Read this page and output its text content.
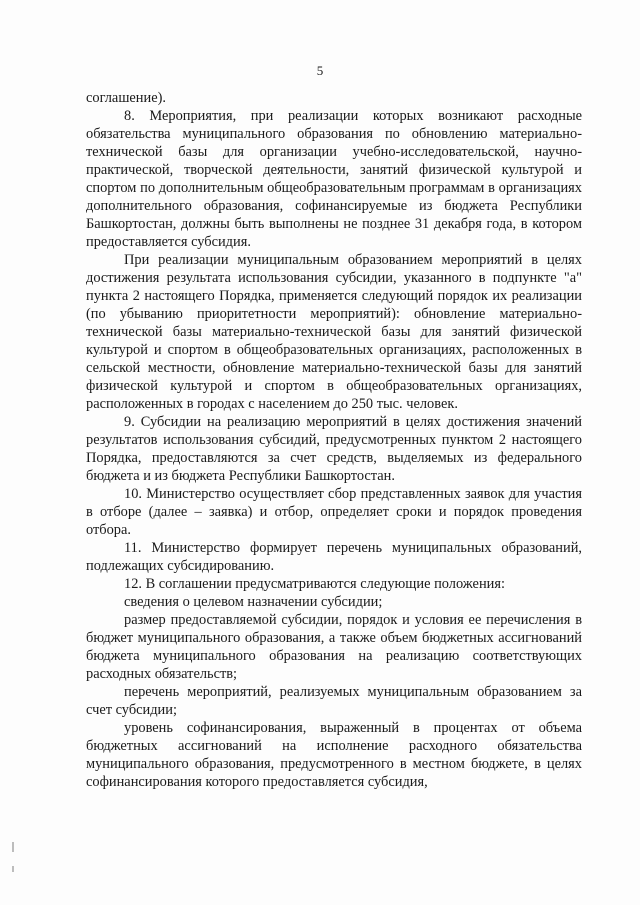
5

соглашение).

8. Мероприятия, при реализации которых возникают расходные обязательства муниципального образования по обновлению материально-технической базы для организации учебно-исследовательской, научно-практической, творческой деятельности, занятий физической культурой и спортом по дополнительным общеобразовательным программам в организациях дополнительного образования, софинансируемые из бюджета Республики Башкортостан, должны быть выполнены не позднее 31 декабря года, в котором предоставляется субсидия.

При реализации муниципальным образованием мероприятий в целях достижения результата использования субсидии, указанного в подпункте "а" пункта 2 настоящего Порядка, применяется следующий порядок их реализации (по убыванию приоритетности мероприятий): обновление материально-технической базы материально-технической базы для занятий физической культурой и спортом в общеобразовательных организациях, расположенных в сельской местности, обновление материально-технической базы для занятий физической культурой и спортом в общеобразовательных организациях, расположенных в городах с населением до 250 тыс. человек.

9. Субсидии на реализацию мероприятий в целях достижения значений результатов использования субсидий, предусмотренных пунктом 2 настоящего Порядка, предоставляются за счет средств, выделяемых из федерального бюджета и из бюджета Республики Башкортостан.

10. Министерство осуществляет сбор представленных заявок для участия в отборе (далее – заявка) и отбор, определяет сроки и порядок проведения отбора.

11. Министерство формирует перечень муниципальных образований, подлежащих субсидированию.

12. В соглашении предусматриваются следующие положения:

сведения о целевом назначении субсидии;

размер предоставляемой субсидии, порядок и условия ее перечисления в бюджет муниципального образования, а также объем бюджетных ассигнований бюджета муниципального образования на реализацию соответствующих расходных обязательств;

перечень мероприятий, реализуемых муниципальным образованием за счет субсидии;

уровень софинансирования, выраженный в процентах от объема бюджетных ассигнований на исполнение расходного обязательства муниципального образования, предусмотренного в местном бюджете, в целях софинансирования которого предоставляется субсидия,
